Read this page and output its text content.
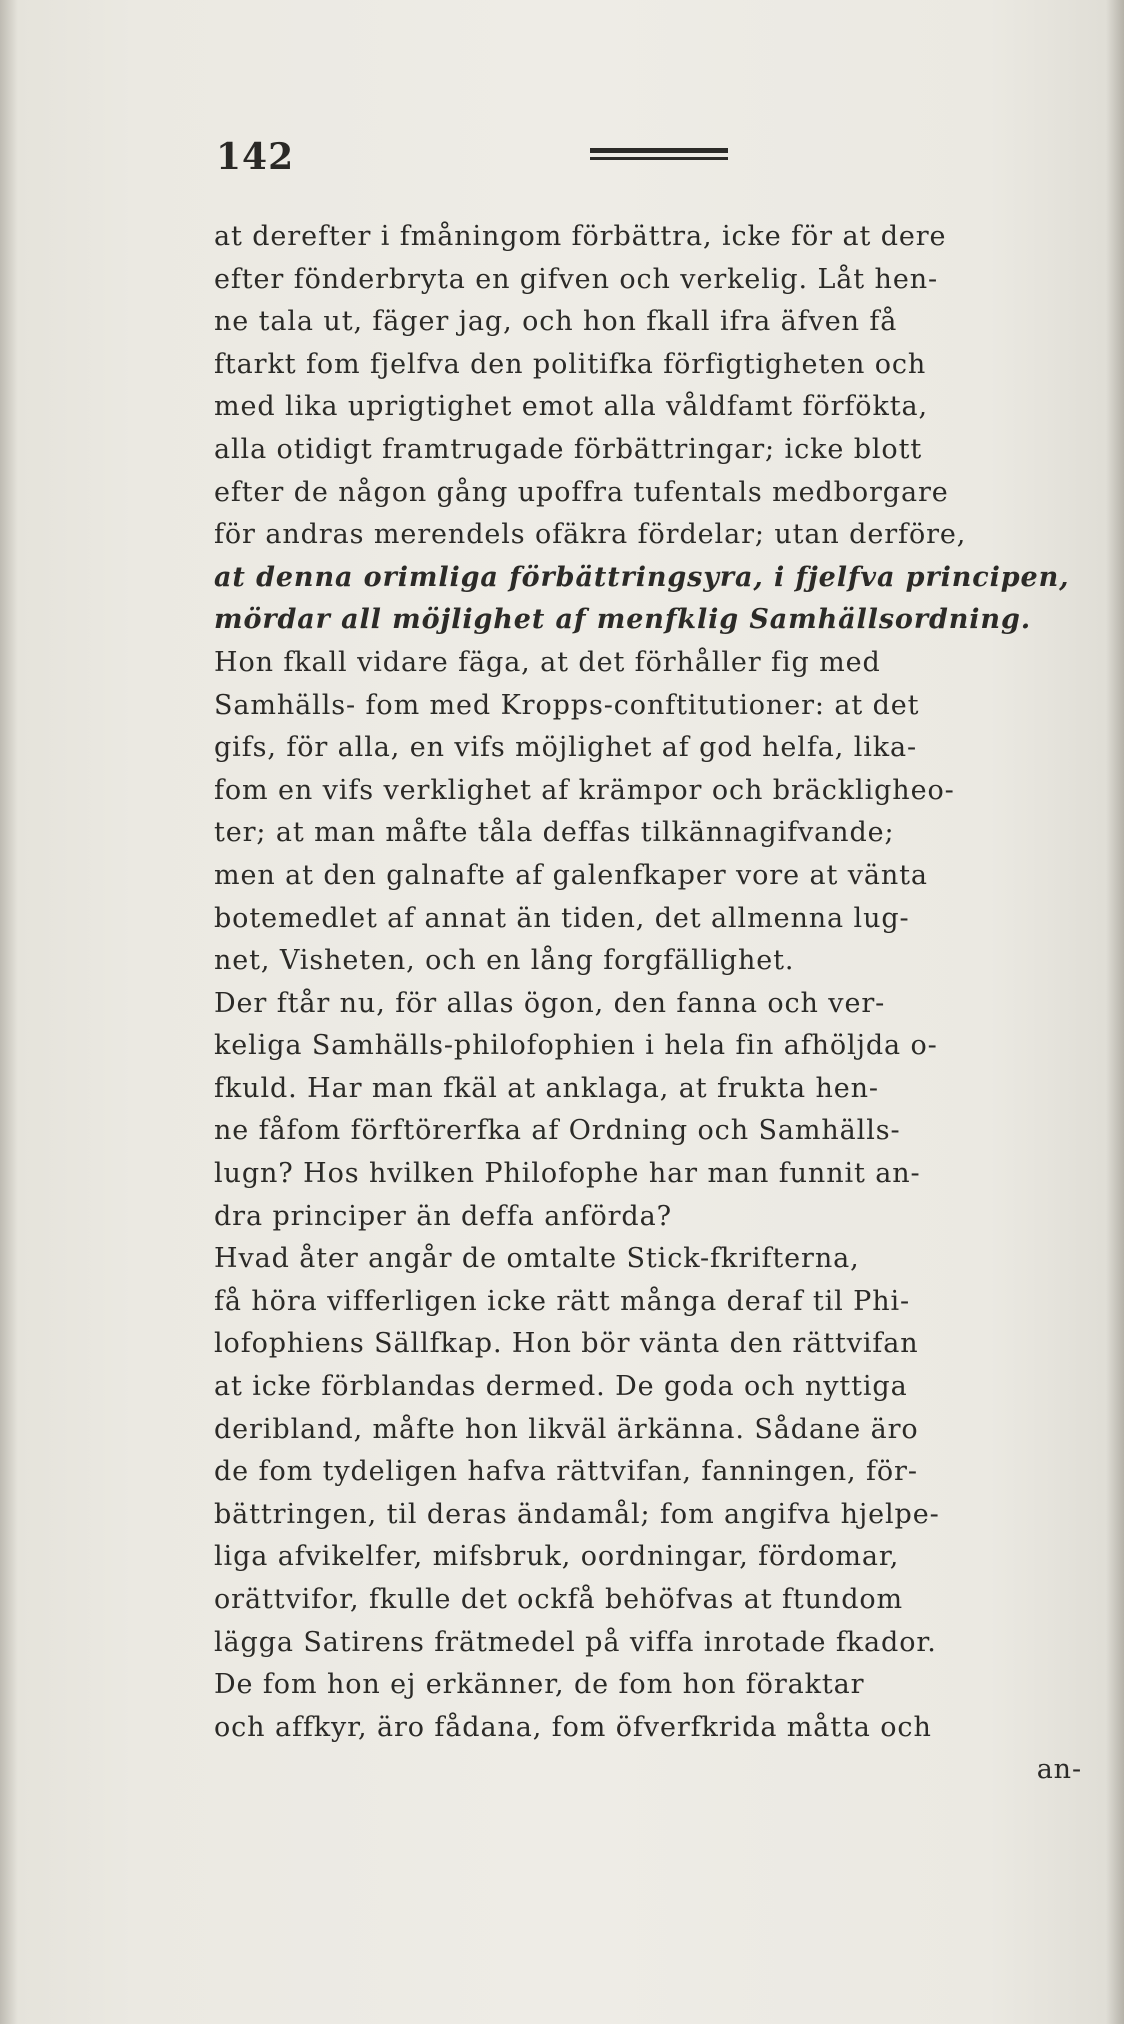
142
at derefter i fmåningom förbättra, icke för at dere
efter fönderbryta en gifven och verkelig. Låt hen-
ne tala ut, fäger jag, och hon fkall ifra äfven få
ftarkt fom fjelfva den politifka förfigtigheten och
med lika uprigtighet emot alla våldfamt förfökta,
alla otidigt framtrugade förbättringar; icke blott
efter de någon gång upoffra tufentals medborgare
för andras merendels ofäkra fördelar; utan derföre,
at denna orimliga förbättringsyra, i fjelfva principen,
mördar all möjlighet af menfklig Samhällsordning.
Hon fkall vidare fäga, at det förhåller fig med
Samhälls- fom med Kropps-conftitutioner: at det
gifs, för alla, en vifs möjlighet af god helfa, lika-
fom en vifs verklighet af krämpor och bräckligheo-
ter; at man måfte tåla deffas tilkännagifvande;
men at den galnafte af galenfkaper vore at vänta
botemedlet af annat än tiden, det allmenna lug-
net, Visheten, och en lång forgfällighet.
Der ftår nu, för allas ögon, den fanna och ver-
keliga Samhälls-philofophien i hela fin afhöljda o-
fkuld. Har man fkäl at anklaga, at frukta hen-
ne fåfom förftörerfka af Ordning och Samhälls-
lugn? Hos hvilken Philofophe har man funnit an-
dra principer än deffa anförda?
Hvad åter angår de omtalte Stick-fkrifterna,
få höra vifferligen icke rätt många deraf til Phi-
lofophiens Sällfkap. Hon bör vänta den rättvifan
at icke förblandas dermed. De goda och nyttiga
deribland, måfte hon likväl ärkänna. Sådane äro
de fom tydeligen hafva rättvifan, fanningen, för-
bättringen, til deras ändamål; fom angifva hjelpe-
liga afvikelfer, mifsbruk, oordningar, fördomar,
orättvifor, fkulle det ockfå behöfvas at ftundom
lägga Satirens frätmedel på viffa inrotade fkador.
De fom hon ej erkänner, de fom hon föraktar
och affkyr, äro fådana, fom öfverfkrida måtta och
an-
